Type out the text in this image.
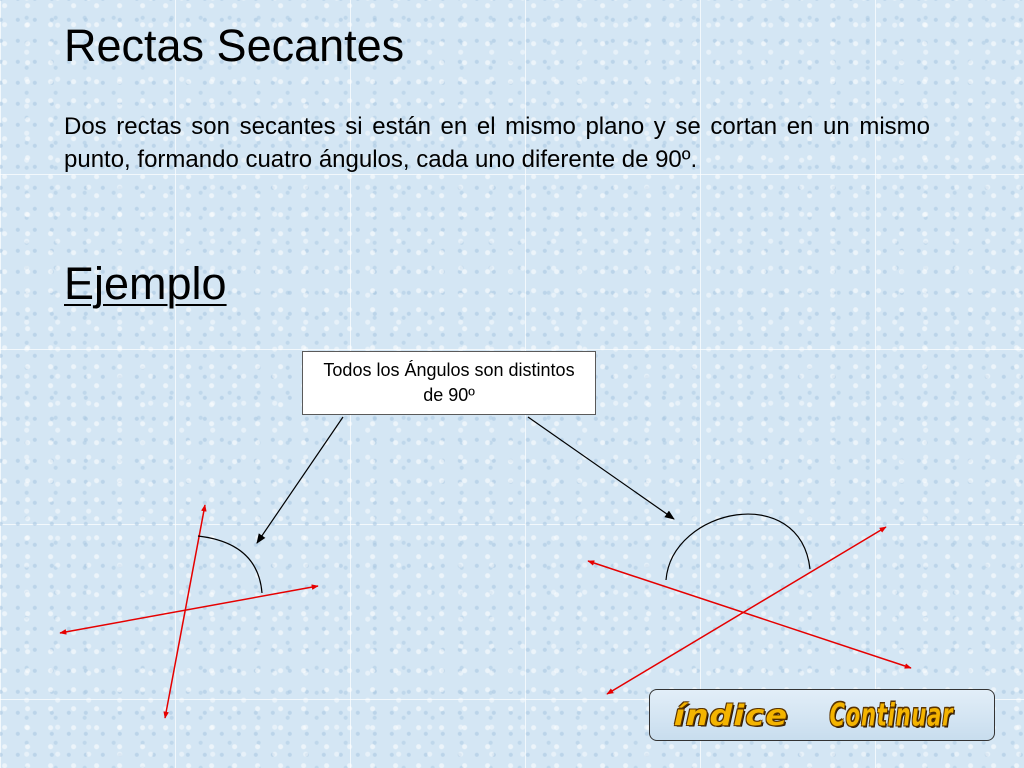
Rectas Secantes

Dos rectas son secantes si están en el mismo plano y se cortan en un mismo punto, formando cuatro ángulos, cada uno diferente de 90º.

Ejemplo
Todos los Ángulos son distintos de 90º
índice Continuar
